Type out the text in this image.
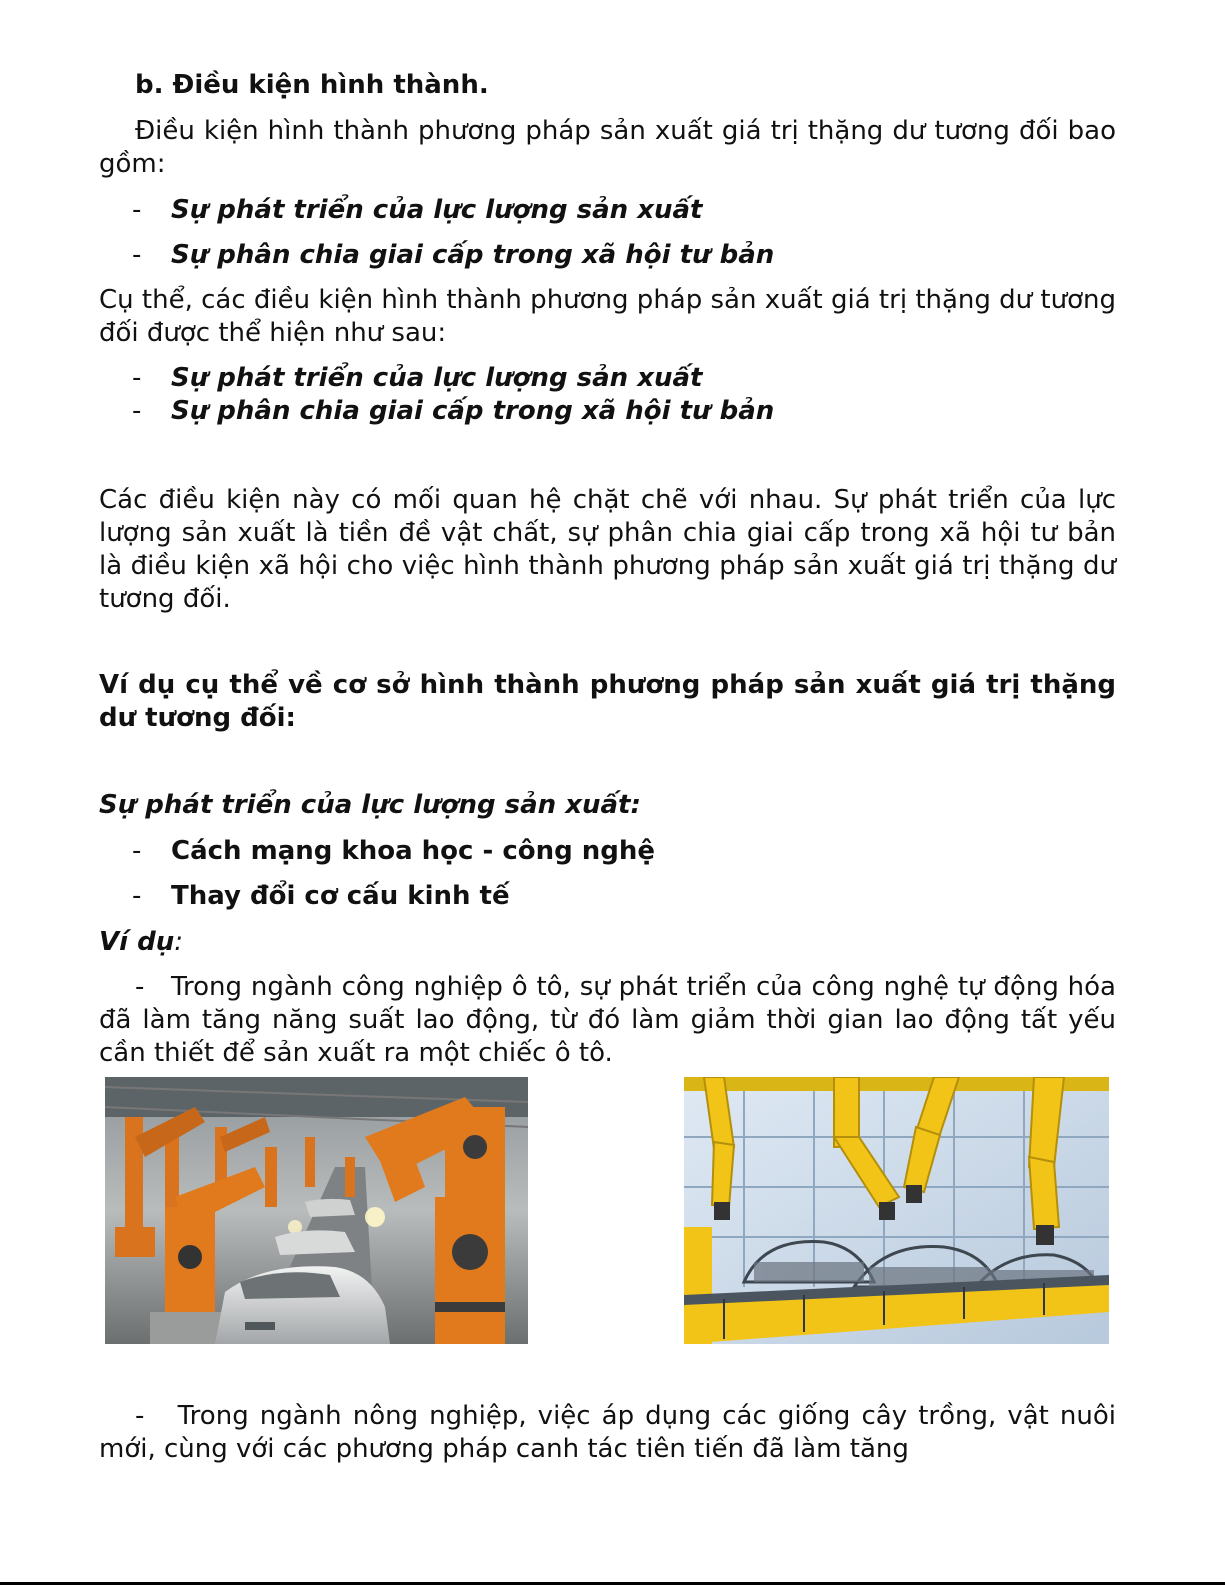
b. Điều kiện hình thành.

Điều kiện hình thành phương pháp sản xuất giá trị thặng dư tương đối bao gồm:

- Sự phát triển của lực lượng sản xuất
- Sự phân chia giai cấp trong xã hội tư bản

Cụ thể, các điều kiện hình thành phương pháp sản xuất giá trị thặng dư tương đối được thể hiện như sau:

- Sự phát triển của lực lượng sản xuất
- Sự phân chia giai cấp trong xã hội tư bản

Các điều kiện này có mối quan hệ chặt chẽ với nhau. Sự phát triển của lực lượng sản xuất là tiền đề vật chất, sự phân chia giai cấp trong xã hội tư bản là điều kiện xã hội cho việc hình thành phương pháp sản xuất giá trị thặng dư tương đối.

Ví dụ cụ thể về cơ sở hình thành phương pháp sản xuất giá trị thặng dư tương đối:

Sự phát triển của lực lượng sản xuất:

- Cách mạng khoa học - công nghệ
- Thay đổi cơ cấu kinh tế

Ví dụ:

- Trong ngành công nghiệp ô tô, sự phát triển của công nghệ tự động hóa đã làm tăng năng suất lao động, từ đó làm giảm thời gian lao động tất yếu cần thiết để sản xuất ra một chiếc ô tô.

- Trong ngành nông nghiệp, việc áp dụng các giống cây trồng, vật nuôi mới, cùng với các phương pháp canh tác tiên tiến đã làm tăng
